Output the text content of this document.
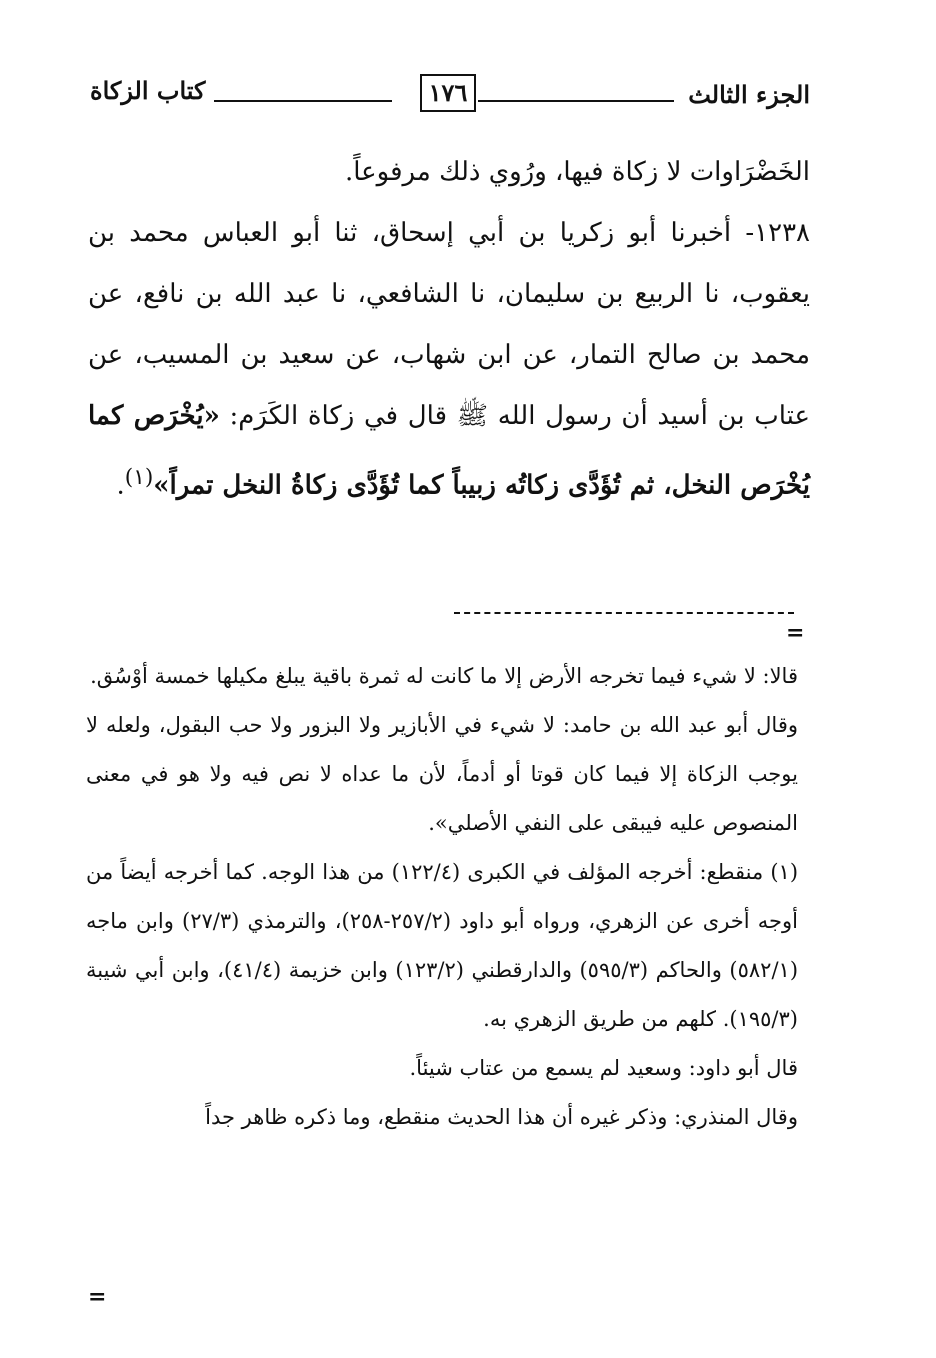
الجزء الثالث
١٧٦
كتاب الزكاة

الخَضْرَاوات لا زكاة فيها، ورُوي ذلك مرفوعاً.

١٢٣٨- أخبرنا أبو زكريا بن أبي إسحاق، ثنا أبو العباس محمد بن يعقوب، نا الربيع بن سليمان، نا الشافعي، نا عبد الله بن نافع، عن محمد بن صالح التمار، عن ابن شهاب، عن سعيد بن المسيب، عن عتاب بن أسيد أن رسول الله ﷺ قال في زكاة الكَرَم: «يُخْرَص كما يُخْرَص النخل، ثم تُؤَدَّى زكاتُه زبيباً كما تُؤَدَّى زكاةُ النخل تمراً»$^{(١)}$.

=

قالا: لا شيء فيما تخرجه الأرض إلا ما كانت له ثمرة باقية يبلغ مكيلها خمسة أوْسُق.

وقال أبو عبد الله بن حامد: لا شيء في الأبازير ولا البزور ولا حب البقول، ولعله لا يوجب الزكاة إلا فيما كان قوتا أو أدماً، لأن ما عداه لا نص فيه ولا هو في معنى المنصوص عليه فيبقى على النفي الأصلي».

(١) منقطع: أخرجه المؤلف في الكبرى (١٢٢/٤) من هذا الوجه. كما أخرجه أيضاً من أوجه أخرى عن الزهري، ورواه أبو داود (٢٥٧/٢-٢٥٨)، والترمذي (٢٧/٣) وابن ماجه (٥٨٢/١) والحاكم (٥٩٥/٣) والدارقطني (١٢٣/٢) وابن خزيمة (٤١/٤)، وابن أبي شيبة (١٩٥/٣). كلهم من طريق الزهري به.

قال أبو داود: وسعيد لم يسمع من عتاب شيئاً.

وقال المنذري: وذكر غيره أن هذا الحديث منقطع، وما ذكره ظاهر جداً

=
